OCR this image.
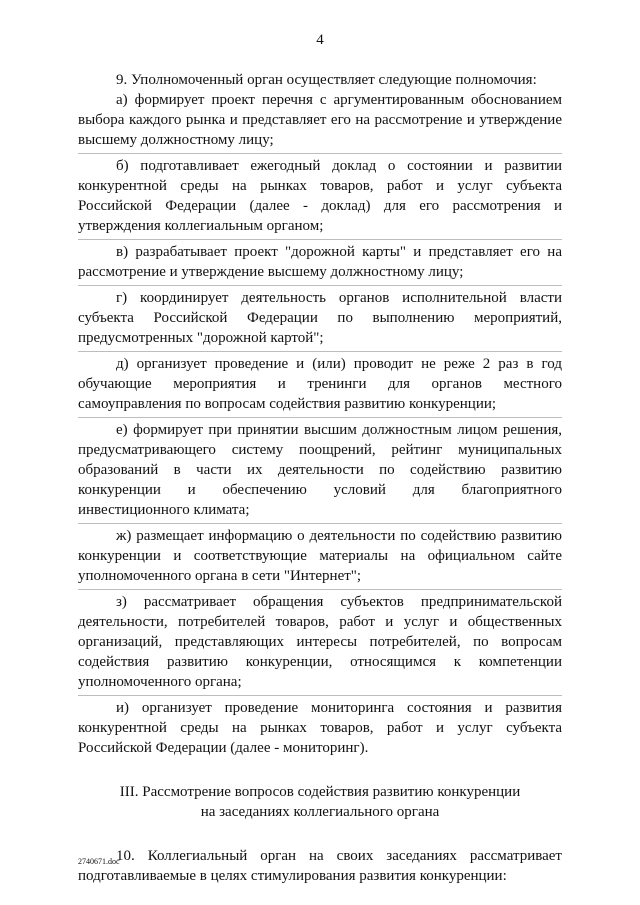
4

9. Уполномоченный орган осуществляет следующие полномочия:

а) формирует проект перечня с аргументированным обоснованием выбора каждого рынка и представляет его на рассмотрение и утверждение высшему должностному лицу;

б) подготавливает ежегодный доклад о состоянии и развитии конкурентной среды на рынках товаров, работ и услуг субъекта Российской Федерации (далее - доклад) для его рассмотрения и утверждения коллегиальным органом;

в) разрабатывает проект "дорожной карты" и представляет его на рассмотрение и утверждение высшему должностному лицу;

г) координирует деятельность органов исполнительной власти субъекта Российской Федерации по выполнению мероприятий, предусмотренных "дорожной картой";

д) организует проведение и (или) проводит не реже 2 раз в год обучающие мероприятия и тренинги для органов местного самоуправления по вопросам содействия развитию конкуренции;

е) формирует при принятии высшим должностным лицом решения, предусматривающего систему поощрений, рейтинг муниципальных образований в части их деятельности по содействию развитию конкуренции и обеспечению условий для благоприятного инвестиционного климата;

ж) размещает информацию о деятельности по содействию развитию конкуренции и соответствующие материалы на официальном сайте уполномоченного органа в сети "Интернет";

з) рассматривает обращения субъектов предпринимательской деятельности, потребителей товаров, работ и услуг и общественных организаций, представляющих интересы потребителей, по вопросам содействия развитию конкуренции, относящимся к компетенции уполномоченного органа;

и) организует проведение мониторинга состояния и развития конкурентной среды на рынках товаров, работ и услуг субъекта Российской Федерации (далее - мониторинг).

III. Рассмотрение вопросов содействия развитию конкуренции
на заседаниях коллегиального органа

10. Коллегиальный орган на своих заседаниях рассматривает подготавливаемые в целях стимулирования развития конкуренции:

2740671.doc
